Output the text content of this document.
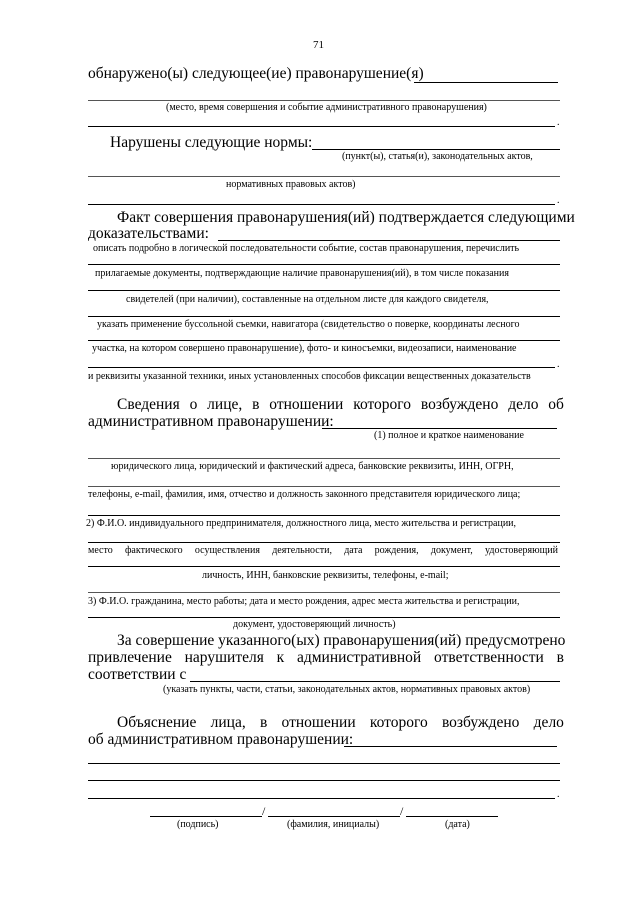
71
обнаружено(ы) следующее(ие) правонарушение(я)
(место, время совершения и событие административного правонарушения)
.
Нарушены следующие нормы:
(пункт(ы), статья(и), законодательных актов,
нормативных правовых актов)
.
Факт совершения правонарушения(ий) подтверждается следующими
доказательствами:
описать подробно в логической последовательности событие, состав правонарушения, перечислить
прилагаемые документы, подтверждающие наличие правонарушения(ий), в том числе показания
свидетелей (при наличии), составленные на отдельном листе для каждого свидетеля,
указать применение буссольной съемки, навигатора (свидетельство о поверке, координаты лесного
участка, на котором совершено правонарушение), фото- и киносъемки, видеозаписи, наименование
.
и реквизиты указанной техники, иных установленных способов фиксации вещественных доказательств
Сведения о лице, в отношении которого возбуждено дело об
административном правонарушении:
(1) полное и краткое наименование
юридического лица, юридический и фактический адреса, банковские реквизиты, ИНН, ОГРН,
телефоны, e-mail, фамилия, имя, отчество и должность законного представителя юридического лица;
2) Ф.И.О. индивидуального предпринимателя, должностного лица, место жительства и регистрации,
место фактического осуществления деятельности, дата рождения, документ, удостоверяющий
личность, ИНН, банковские реквизиты, телефоны, e-mail;
3) Ф.И.О. гражданина, место работы; дата и место рождения, адрес места жительства и регистрации,
документ, удостоверяющий личность)
За совершение указанного(ых) правонарушения(ий) предусмотрено
привлечение нарушителя к административной ответственности в
соответствии с
(указать пункты, части, статьи, законодательных актов, нормативных правовых актов)
Объяснение лица, в отношении которого возбуждено дело
об административном правонарушении:
.
/	/
(подпись)	(фамилия, инициалы)	(дата)
